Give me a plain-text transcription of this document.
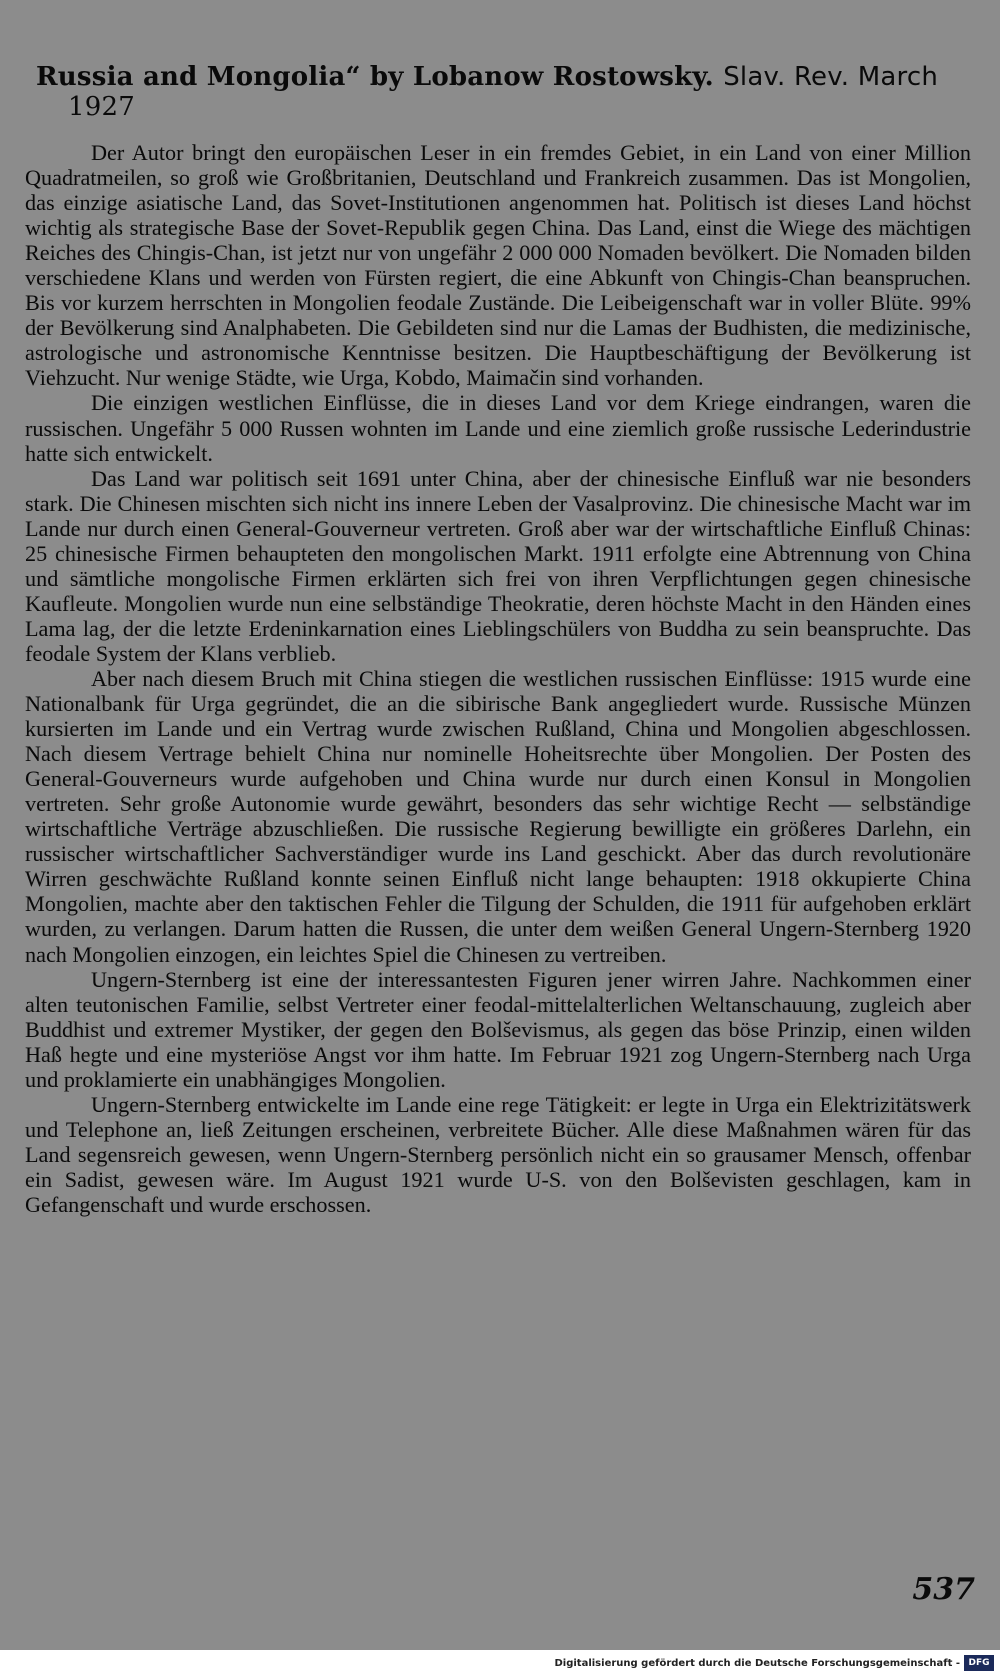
Russia and Mongolia“ by Lobanow Rostowsky. Slav. Rev. March
1927

Der Autor bringt den europäischen Leser in ein fremdes Gebiet, in ein Land von einer Million Quadratmeilen, so groß wie Großbritanien, Deutschland und Frankreich zusammen. Das ist Mongolien, das einzige asiatische Land, das Sovet-Institutionen angenommen hat. Politisch ist dieses Land höchst wichtig als strategische Base der Sovet-Republik gegen China. Das Land, einst die Wiege des mächtigen Reiches des Chingis-Chan, ist jetzt nur von ungefähr 2 000 000 Nomaden bevölkert. Die Nomaden bilden verschiedene Klans und werden von Fürsten regiert, die eine Abkunft von Chingis-Chan beanspruchen. Bis vor kurzem herrschten in Mongolien feodale Zustände. Die Leibeigenschaft war in voller Blüte. 99% der Bevölkerung sind Analphabeten. Die Gebildeten sind nur die Lamas der Budhisten, die medizinische, astrologische und astronomische Kenntnisse besitzen. Die Hauptbeschäftigung der Bevölkerung ist Viehzucht. Nur wenige Städte, wie Urga, Kobdo, Maimačin sind vorhanden.

Die einzigen westlichen Einflüsse, die in dieses Land vor dem Kriege eindrangen, waren die russischen. Ungefähr 5 000 Russen wohnten im Lande und eine ziemlich große russische Lederindustrie hatte sich entwickelt.

Das Land war politisch seit 1691 unter China, aber der chinesische Einfluß war nie besonders stark. Die Chinesen mischten sich nicht ins innere Leben der Vasalprovinz. Die chinesische Macht war im Lande nur durch einen General-Gouverneur vertreten. Groß aber war der wirtschaftliche Einfluß Chinas: 25 chinesische Firmen behaupteten den mongolischen Markt. 1911 erfolgte eine Abtrennung von China und sämtliche mongolische Firmen erklärten sich frei von ihren Verpflichtungen gegen chinesische Kaufleute. Mongolien wurde nun eine selbständige Theokratie, deren höchste Macht in den Händen eines Lama lag, der die letzte Erdeninkarnation eines Lieblingschülers von Buddha zu sein beanspruchte. Das feodale System der Klans verblieb.

Aber nach diesem Bruch mit China stiegen die westlichen russischen Einflüsse: 1915 wurde eine Nationalbank für Urga gegründet, die an die sibirische Bank angegliedert wurde. Russische Münzen kursierten im Lande und ein Vertrag wurde zwischen Rußland, China und Mongolien abgeschlossen. Nach diesem Vertrage behielt China nur nominelle Hoheitsrechte über Mongolien. Der Posten des General-Gouverneurs wurde aufgehoben und China wurde nur durch einen Konsul in Mongolien vertreten. Sehr große Autonomie wurde gewährt, besonders das sehr wichtige Recht — selbständige wirtschaftliche Verträge abzuschließen. Die russische Regierung bewilligte ein größeres Darlehn, ein russischer wirtschaftlicher Sachverständiger wurde ins Land geschickt. Aber das durch revolutionäre Wirren geschwächte Rußland konnte seinen Einfluß nicht lange behaupten: 1918 okkupierte China Mongolien, machte aber den taktischen Fehler die Tilgung der Schulden, die 1911 für aufgehoben erklärt wurden, zu verlangen. Darum hatten die Russen, die unter dem weißen General Ungern-Sternberg 1920 nach Mongolien einzogen, ein leichtes Spiel die Chinesen zu vertreiben.

Ungern-Sternberg ist eine der interessantesten Figuren jener wirren Jahre. Nachkommen einer alten teutonischen Familie, selbst Vertreter einer feodal-mittelalterlichen Weltanschauung, zugleich aber Buddhist und extremer Mystiker, der gegen den Bolševismus, als gegen das böse Prinzip, einen wilden Haß hegte und eine mysteriöse Angst vor ihm hatte. Im Februar 1921 zog Ungern-Sternberg nach Urga und proklamierte ein unabhängiges Mongolien.

Ungern-Sternberg entwickelte im Lande eine rege Tätigkeit: er legte in Urga ein Elektrizitätswerk und Telephone an, ließ Zeitungen erscheinen, verbreitete Bücher. Alle diese Maßnahmen wären für das Land segensreich gewesen, wenn Ungern-Sternberg persönlich nicht ein so grausamer Mensch, offenbar ein Sadist, gewesen wäre. Im August 1921 wurde U-S. von den Bolševisten geschlagen, kam in Gefangenschaft und wurde erschossen.

537
Digitalisierung gefördert durch die Deutsche Forschungsgemeinschaft - DFG
